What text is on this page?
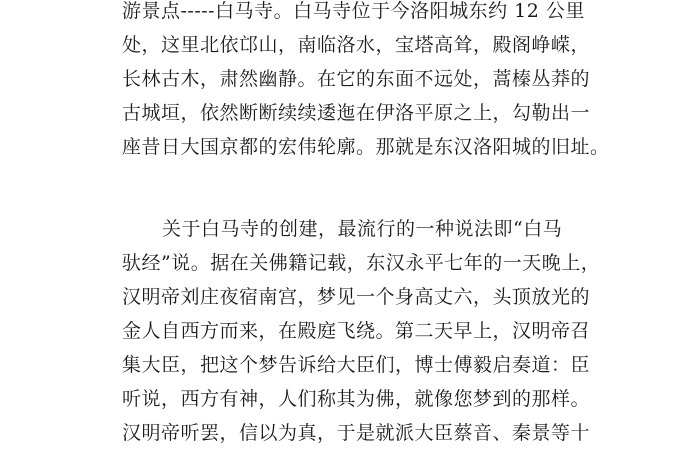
游景点-----白马寺。白马寺位于今洛阳城东约 12 公里
处，这里北依邙山，南临洛水，宝塔高耸，殿阁峥嵘，
长林古木，肃然幽静。在它的东面不远处，蒿榛丛莽的
古城垣，依然断断续续逶迤在伊洛平原之上，勾勒出一
座昔日大国京都的宏伟轮廓。那就是东汉洛阳城的旧址。
关于白马寺的创建，最流行的一种说法即“白马
驮经”说。据在关佛籍记载，东汉永平七年的一天晚上，
汉明帝刘庄夜宿南宫，梦见一个身高丈六，头顶放光的
金人自西方而来，在殿庭飞绕。第二天早上，汉明帝召
集大臣，把这个梦告诉给大臣们，博士傅毅启奏道：臣
听说，西方有神，人们称其为佛，就像您梦到的那样。
汉明帝听罢，信以为真，于是就派大臣蔡音、秦景等十
